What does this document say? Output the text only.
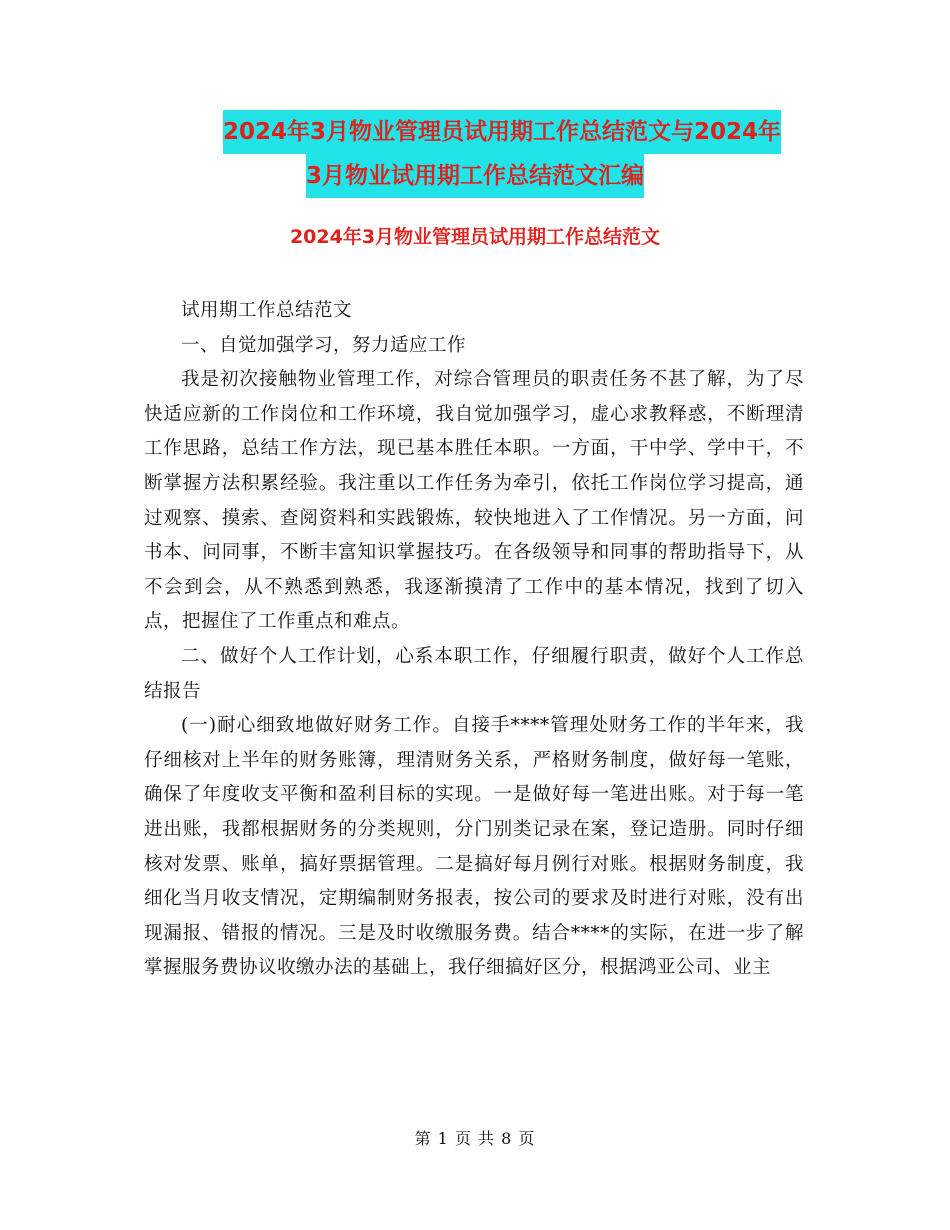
2024年3月物业管理员试用期工作总结范文与2024年
3月物业试用期工作总结范文汇编
2024年3月物业管理员试用期工作总结范文

试用期工作总结范文

一、自觉加强学习，努力适应工作

我是初次接触物业管理工作，对综合管理员的职责任务不甚了解，为了尽快适应新的工作岗位和工作环境，我自觉加强学习，虚心求教释惑，不断理清工作思路，总结工作方法，现已基本胜任本职。一方面，干中学、学中干，不断掌握方法积累经验。我注重以工作任务为牵引，依托工作岗位学习提高，通过观察、摸索、查阅资料和实践锻炼，较快地进入了工作情况。另一方面，问书本、问同事，不断丰富知识掌握技巧。在各级领导和同事的帮助指导下，从不会到会，从不熟悉到熟悉，我逐渐摸清了工作中的基本情况，找到了切入点，把握住了工作重点和难点。

二、做好个人工作计划，心系本职工作，仔细履行职责，做好个人工作总结报告

(一)耐心细致地做好财务工作。自接手****管理处财务工作的半年来，我仔细核对上半年的财务账簿，理清财务关系，严格财务制度，做好每一笔账，确保了年度收支平衡和盈利目标的实现。一是做好每一笔进出账。对于每一笔进出账，我都根据财务的分类规则，分门别类记录在案，登记造册。同时仔细核对发票、账单，搞好票据管理。二是搞好每月例行对账。根据财务制度，我细化当月收支情况，定期编制财务报表，按公司的要求及时进行对账，没有出现漏报、错报的情况。三是及时收缴服务费。结合****的实际，在进一步了解掌握服务费协议收缴办法的基础上，我仔细搞好区分，根据鸿亚公司、业主

第 1 页 共 8 页
